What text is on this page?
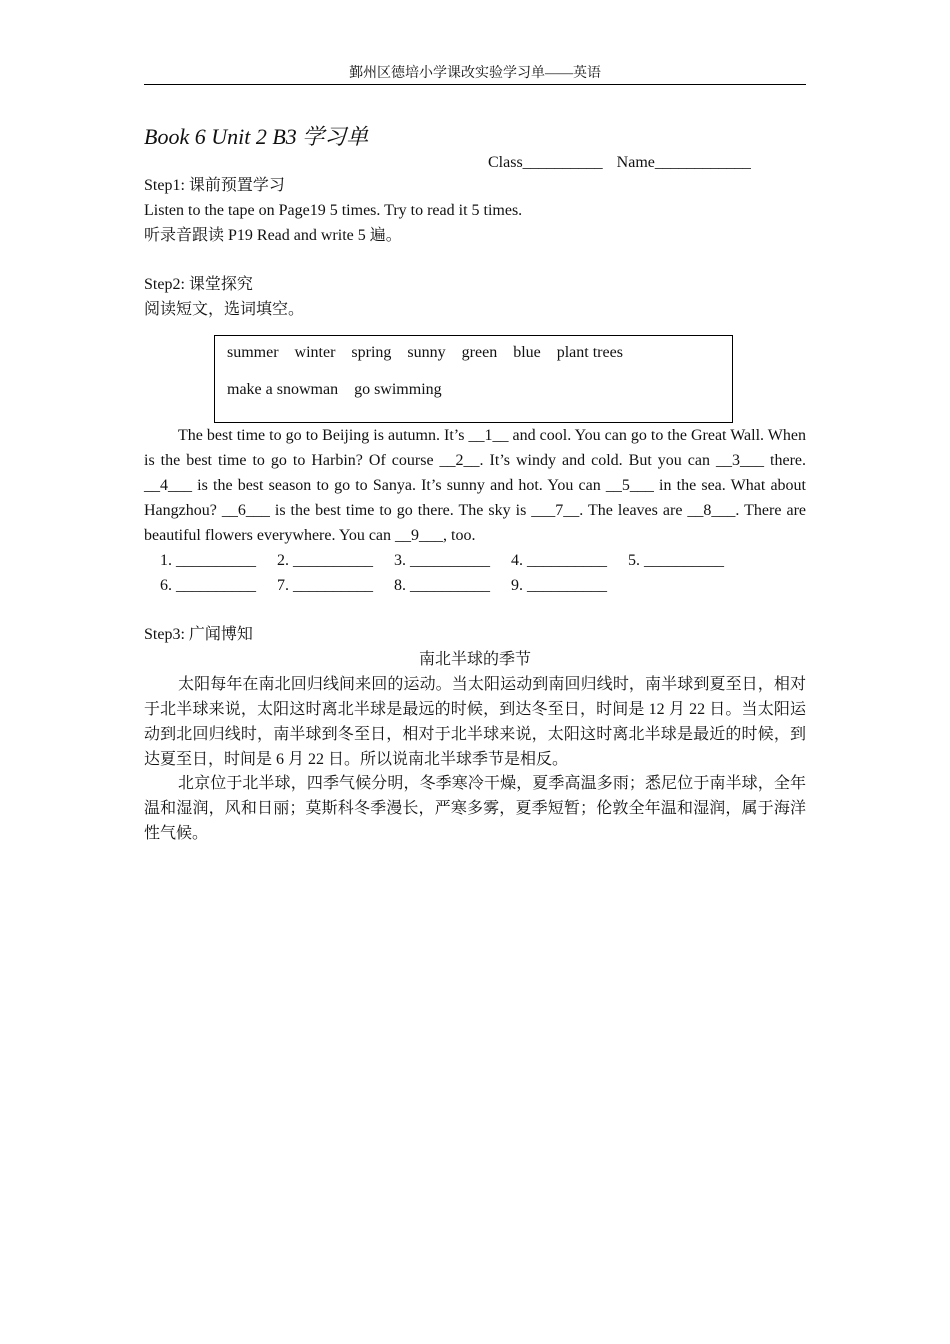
鄞州区德培小学课改实验学习单——英语
Book 6 Unit 2 B3 学习单
Class__________ Name____________
Step1: 课前预置学习
Listen to the tape on Page19 5 times. Try to read it 5 times.
听录音跟读 P19 Read and write 5 遍。
Step2: 课堂探究
阅读短文，选词填空。
summer winter spring sunny green blue plant trees
make a snowman go swimming
The best time to go to Beijing is autumn. It’s __1__ and cool. You can go to the Great Wall. When is the best time to go to Harbin? Of course __2__. It’s windy and cold. But you can __3___ there. __4___ is the best season to go to Sanya. It’s sunny and hot. You can __5___ in the sea. What about Hangzhou? __6___ is the best time to go there. The sky is ___7__. The leaves are __8___. There are beautiful flowers everywhere. You can __9___, too.
1. __________ 2. __________ 3. __________ 4. __________ 5. __________
6. __________ 7. __________ 8. __________ 9. __________
Step3: 广闻博知
南北半球的季节
太阳每年在南北回归线间来回的运动。当太阳运动到南回归线时，南半球到夏至日，相对于北半球来说，太阳这时离北半球是最远的时候，到达冬至日，时间是 12 月 22 日。当太阳运动到北回归线时，南半球到冬至日，相对于北半球来说，太阳这时离北半球是最近的时候，到达夏至日，时间是 6 月 22 日。所以说南北半球季节是相反。
北京位于北半球，四季气候分明，冬季寒冷干燥，夏季高温多雨；悉尼位于南半球，全年温和湿润，风和日丽；莫斯科冬季漫长，严寒多雾，夏季短暂；伦敦全年温和湿润，属于海洋性气候。
